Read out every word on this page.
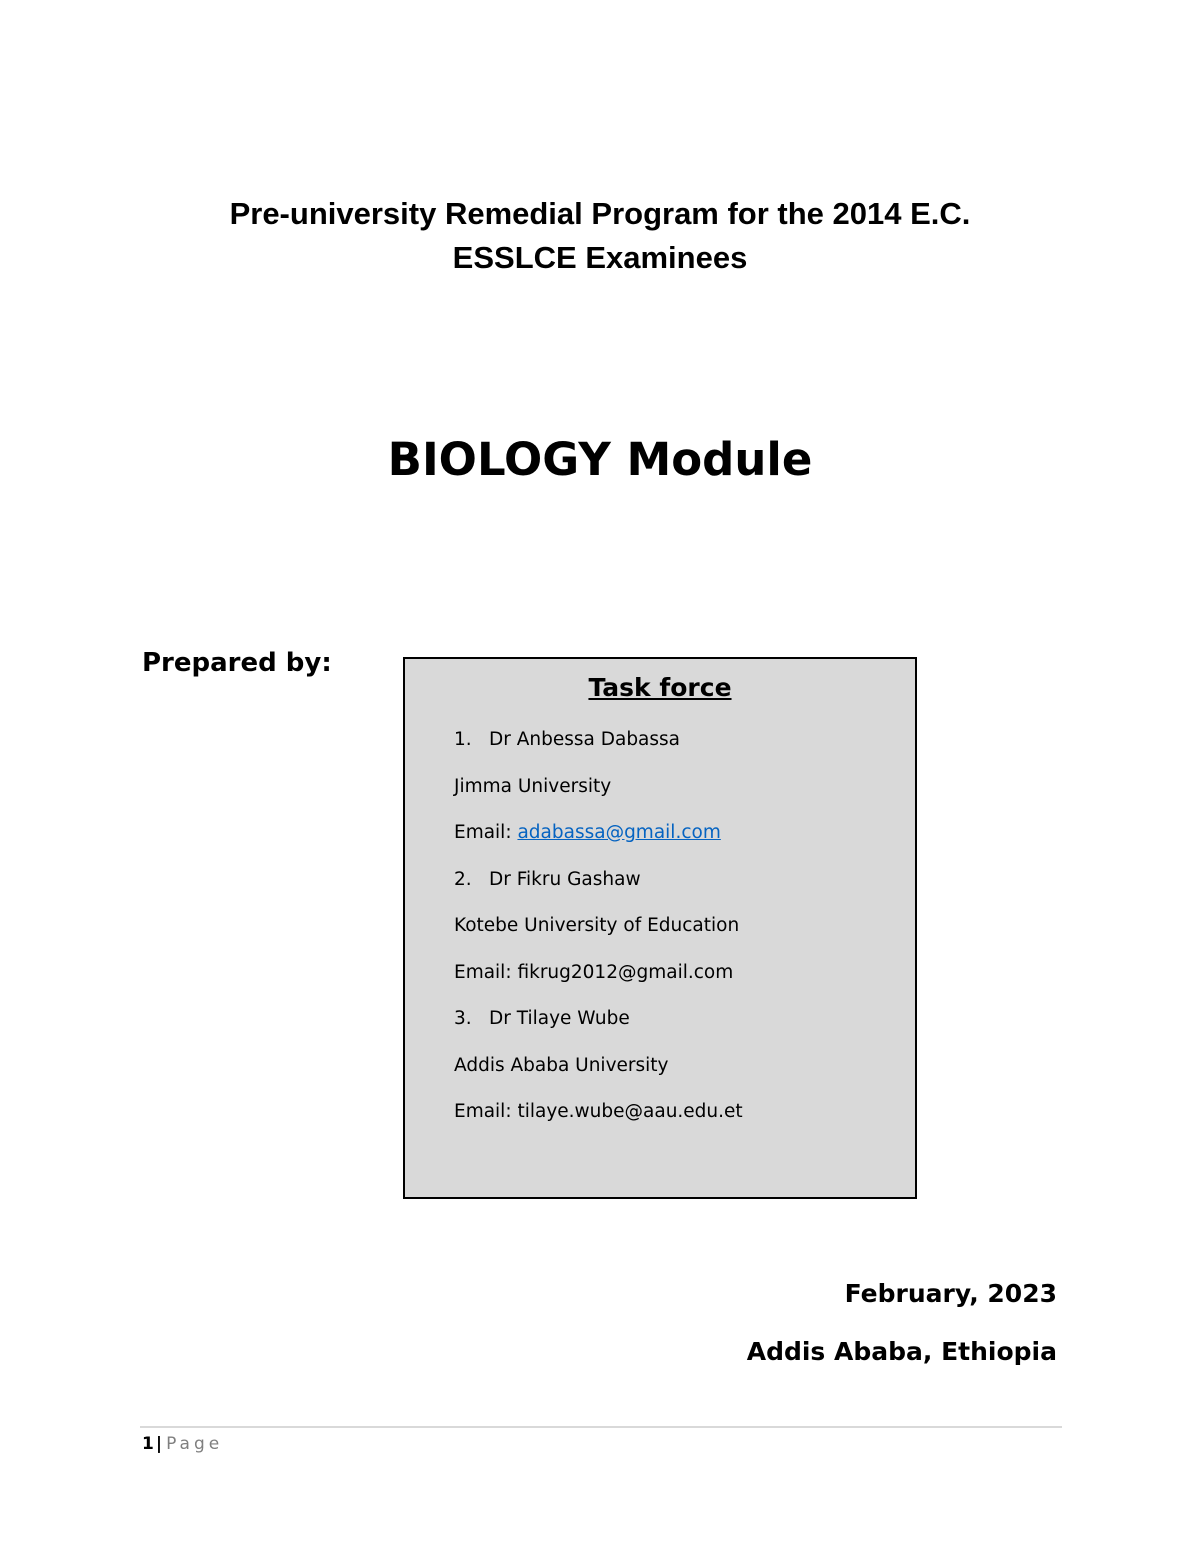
Pre-university Remedial Program for the 2014 E.C.
ESSLCE Examinees
BIOLOGY Module
Prepared by:
Task force
1. Dr Anbessa Dabassa
Jimma University
Email: adabassa@gmail.com
2. Dr Fikru Gashaw
Kotebe University of Education
Email: fikrug2012@gmail.com
3. Dr Tilaye Wube
Addis Ababa University
Email: tilaye.wube@aau.edu.et
February, 2023
Addis Ababa, Ethiopia
1 | Page
